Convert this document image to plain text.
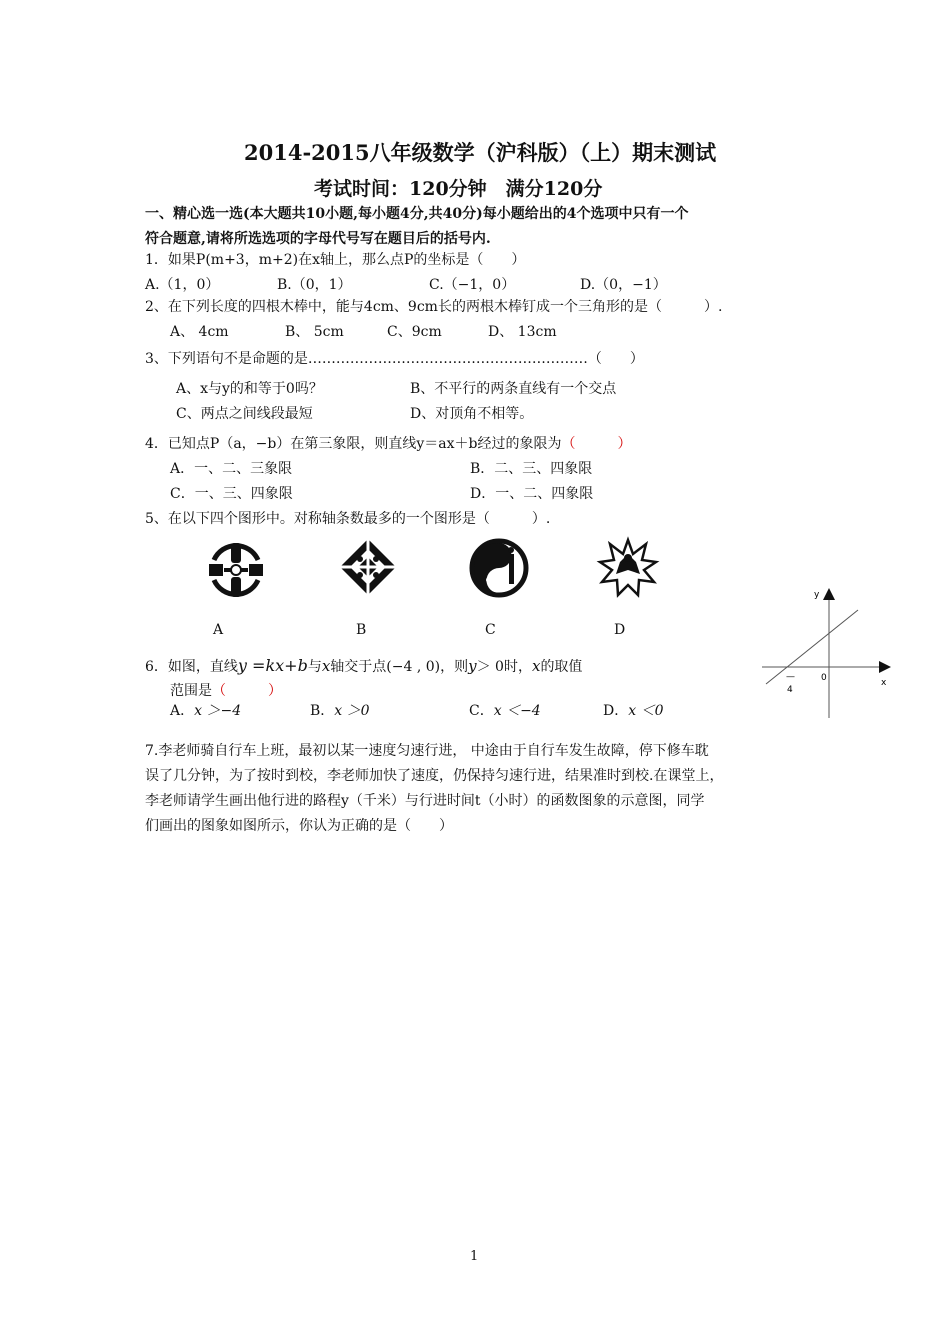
2014-2015八年级数学（沪科版）（上）期末测试
考试时间：120分钟　满分120分
一、精心选一选(本大题共10小题,每小题4分,共40分)每小题给出的4个选项中只有一个
符合题意,请将所选选项的字母代号写在题目后的括号内.
1．如果P(m+3，m+2)在x轴上，那么点P的坐标是（　　）
A.（1，0）	B.（0，1）	C.（−1，0）	D.（0，−1）
2、在下列长度的四根木棒中，能与4cm、9cm长的两根木棒钉成一个三角形的是（　　　）.
A、 4cm	B、 5cm	C、9cm	D、 13cm
3、下列语句不是命题的是……………………………………………………（　　）
A、x与y的和等于0吗？	B、不平行的两条直线有一个交点
C、两点之间线段最短	D、对顶角不相等。
4．已知点P（a，−b）在第三象限，则直线y＝ax＋b经过的象限为（　　　）
A．一、二、三象限	B．二、三、四象限
C．一、三、四象限	D．一、二、四象限
5、在以下四个图形中。对称轴条数最多的一个图形是（　　　）.
A	B	C	D
6．如图，直线y =kx+b与x轴交于点(−4 , 0)，则y＞ 0时，x的取值
范围是（　　　）
A．x ＞−4	B．x ＞0	C．x ＜−4	D．x ＜0
y
x
0
—
4
7.李老师骑自行车上班，最初以某一速度匀速行进， 中途由于自行车发生故障，停下修车耽
误了几分钟，为了按时到校，李老师加快了速度，仍保持匀速行进，结果准时到校.在课堂上，
李老师请学生画出他行进的路程y（千米）与行进时间t（小时）的函数图象的示意图，同学
们画出的图象如图所示，你认为正确的是（　　）
1
